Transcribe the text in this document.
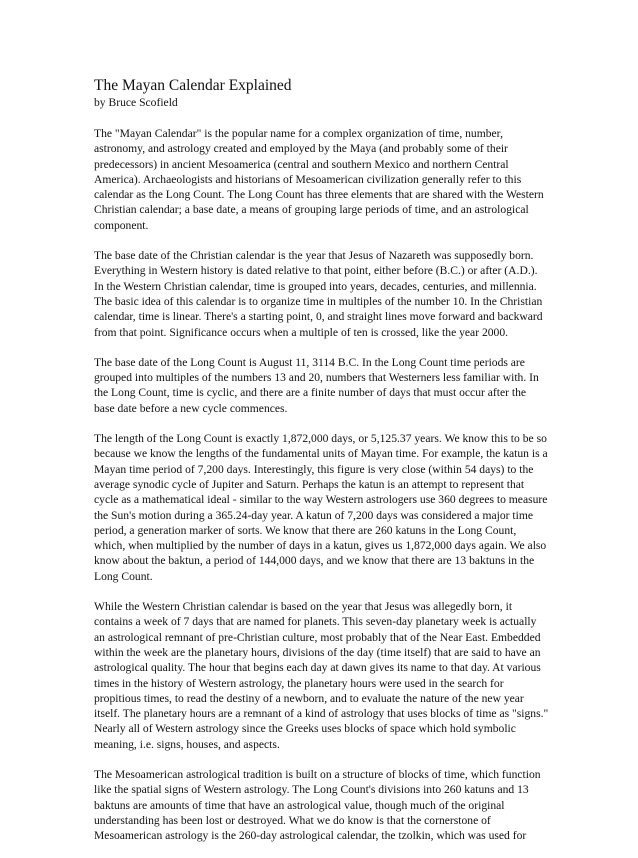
The Mayan Calendar Explained
by Bruce Scofield
The "Mayan Calendar" is the popular name for a complex organization of time, number,
astronomy, and astrology created and employed by the Maya (and probably some of their
predecessors) in ancient Mesoamerica (central and southern Mexico and northern Central
America). Archaeologists and historians of Mesoamerican civilization generally refer to this
calendar as the Long Count. The Long Count has three elements that are shared with the Western
Christian calendar; a base date, a means of grouping large periods of time, and an astrological
component.
The base date of the Christian calendar is the year that Jesus of Nazareth was supposedly born.
Everything in Western history is dated relative to that point, either before (B.C.) or after (A.D.).
In the Western Christian calendar, time is grouped into years, decades, centuries, and millennia.
The basic idea of this calendar is to organize time in multiples of the number 10. In the Christian
calendar, time is linear. There's a starting point, 0, and straight lines move forward and backward
from that point. Significance occurs when a multiple of ten is crossed, like the year 2000.
The base date of the Long Count is August 11, 3114 B.C. In the Long Count time periods are
grouped into multiples of the numbers 13 and 20, numbers that Westerners less familiar with. In
the Long Count, time is cyclic, and there are a finite number of days that must occur after the
base date before a new cycle commences.
The length of the Long Count is exactly 1,872,000 days, or 5,125.37 years. We know this to be so
because we know the lengths of the fundamental units of Mayan time. For example, the katun is a
Mayan time period of 7,200 days. Interestingly, this figure is very close (within 54 days) to the
average synodic cycle of Jupiter and Saturn. Perhaps the katun is an attempt to represent that
cycle as a mathematical ideal - similar to the way Western astrologers use 360 degrees to measure
the Sun's motion during a 365.24-day year. A katun of 7,200 days was considered a major time
period, a generation marker of sorts. We know that there are 260 katuns in the Long Count,
which, when multiplied by the number of days in a katun, gives us 1,872,000 days again. We also
know about the baktun, a period of 144,000 days, and we know that there are 13 baktuns in the
Long Count.
While the Western Christian calendar is based on the year that Jesus was allegedly born, it
contains a week of 7 days that are named for planets. This seven-day planetary week is actually
an astrological remnant of pre-Christian culture, most probably that of the Near East. Embedded
within the week are the planetary hours, divisions of the day (time itself) that are said to have an
astrological quality. The hour that begins each day at dawn gives its name to that day. At various
times in the history of Western astrology, the planetary hours were used in the search for
propitious times, to read the destiny of a newborn, and to evaluate the nature of the new year
itself. The planetary hours are a remnant of a kind of astrology that uses blocks of time as "signs."
Nearly all of Western astrology since the Greeks uses blocks of space which hold symbolic
meaning, i.e. signs, houses, and aspects.
The Mesoamerican astrological tradition is built on a structure of blocks of time, which function
like the spatial signs of Western astrology. The Long Count's divisions into 260 katuns and 13
baktuns are amounts of time that have an astrological value, though much of the original
understanding has been lost or destroyed. What we do know is that the cornerstone of
Mesoamerican astrology is the 260-day astrological calendar, the tzolkin, which was used for
